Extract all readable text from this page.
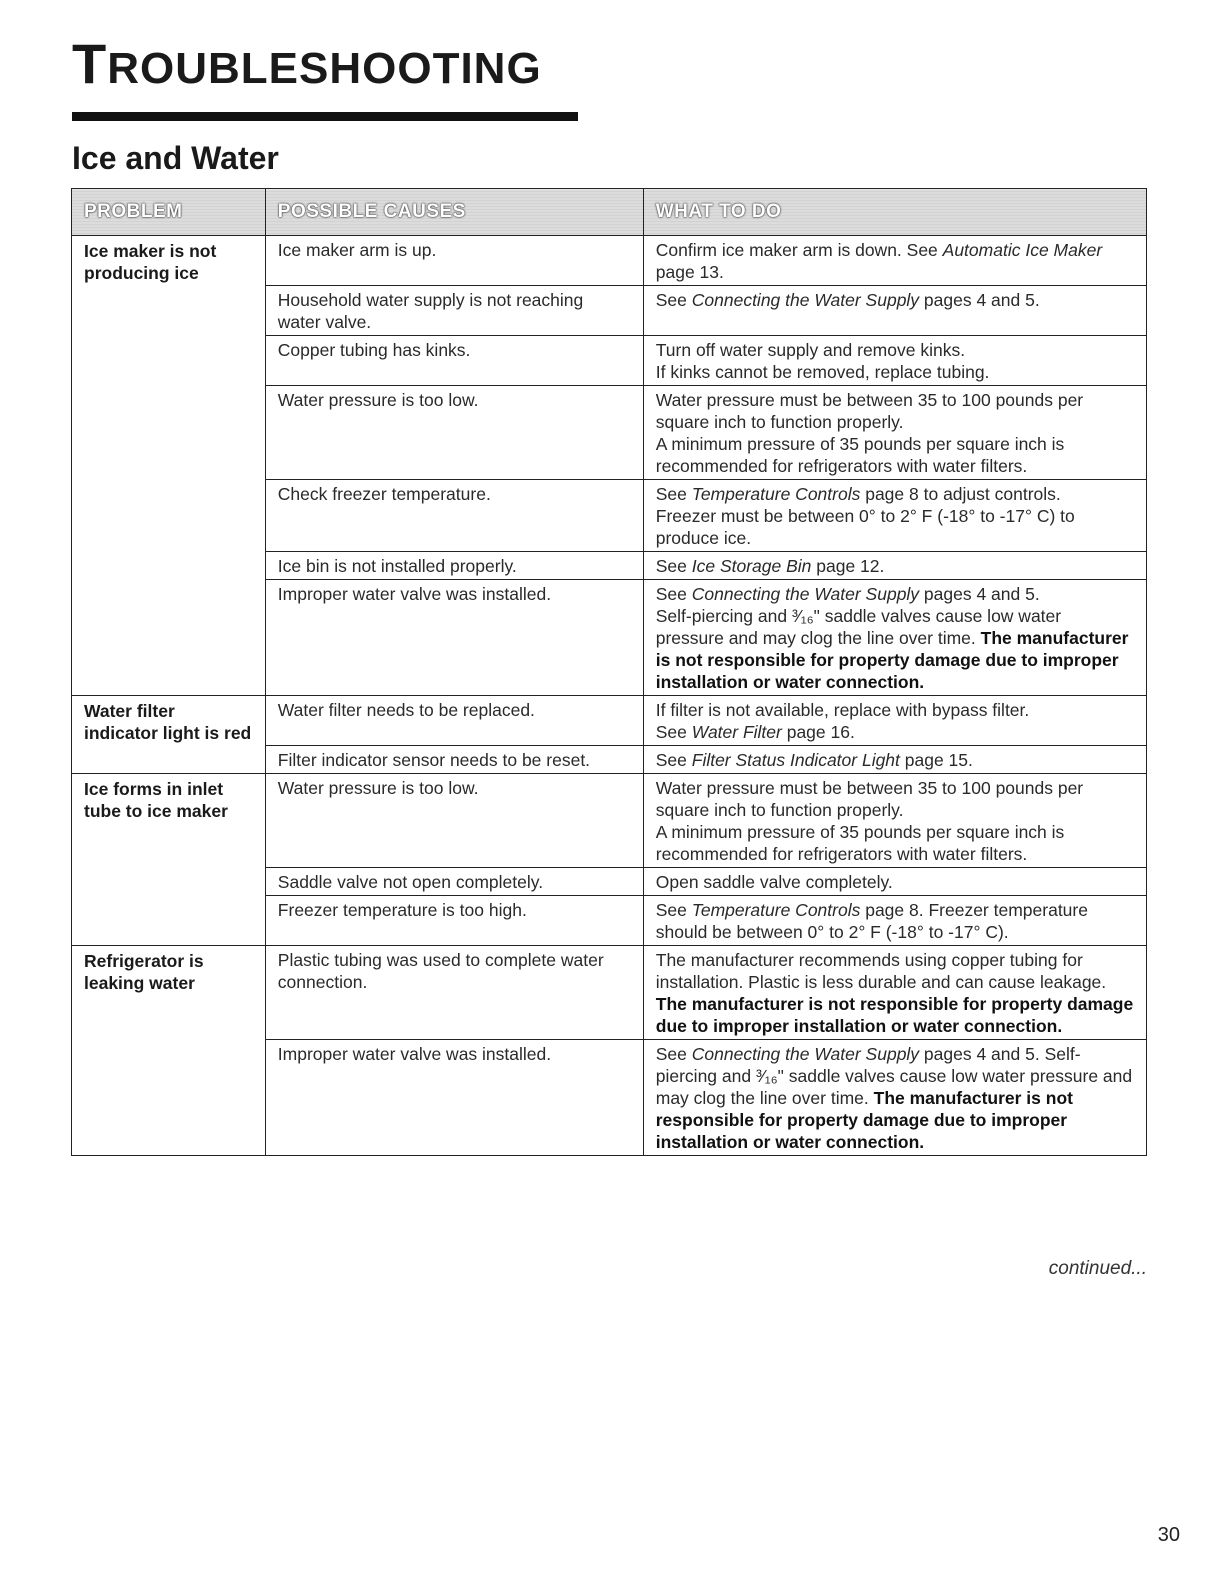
TROUBLESHOOTING
Ice and Water
PROBLEM	POSSIBLE CAUSES	WHAT TO DO
Ice maker is not producing ice	Ice maker arm is up.	Confirm ice maker arm is down. See Automatic Ice Maker page 13.

	Household water supply is not reaching water valve.	See Connecting the Water Supply pages 4 and 5.

	Copper tubing has kinks.	Turn off water supply and remove kinks.
If kinks cannot be removed, replace tubing.

	Water pressure is too low.	Water pressure must be between 35 to 100 pounds per square inch to function properly.
A minimum pressure of 35 pounds per square inch is recommended for refrigerators with water filters.

	Check freezer temperature.	See Temperature Controls page 8 to adjust controls.
Freezer must be between 0° to 2° F (-18° to -17° C) to produce ice.

	Ice bin is not installed properly.	See Ice Storage Bin page 12.

	Improper water valve was installed.	See Connecting the Water Supply pages 4 and 5.
Self-piercing and ³⁄₁₆" saddle valves cause low water pressure and may clog the line over time. The manufacturer is not responsible for property damage due to improper installation or water connection.

Water filter indicator light is red	Water filter needs to be replaced.	If filter is not available, replace with bypass filter.
See Water Filter page 16.

	Filter indicator sensor needs to be reset.	See Filter Status Indicator Light page 15.

Ice forms in inlet tube to ice maker	Water pressure is too low.	Water pressure must be between 35 to 100 pounds per square inch to function properly.
A minimum pressure of 35 pounds per square inch is recommended for refrigerators with water filters.

	Saddle valve not open completely.	Open saddle valve completely.

	Freezer temperature is too high.	See Temperature Controls page 8. Freezer temperature should be between 0° to 2° F (-18° to -17° C).

Refrigerator is leaking water	Plastic tubing was used to complete water connection.	The manufacturer recommends using copper tubing for installation. Plastic is less durable and can cause leakage. The manufacturer is not responsible for property damage due to improper installation or water connection.

	Improper water valve was installed.	See Connecting the Water Supply pages 4 and 5. Self-piercing and ³⁄₁₆" saddle valves cause low water pressure and may clog the line over time. The manufacturer is not responsible for property damage due to improper installation or water connection.
continued...
30
